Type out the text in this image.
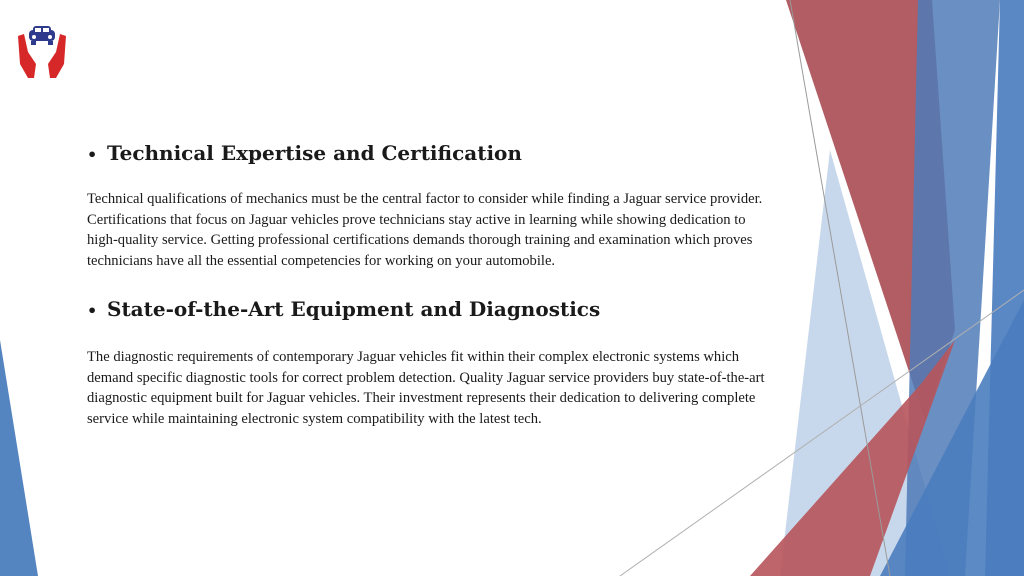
• Technical Expertise and Certification

Technical qualifications of mechanics must be the central factor to consider while finding a Jaguar service provider. Certifications that focus on Jaguar vehicles prove technicians stay active in learning while showing dedication to high-quality service. Getting professional certifications demands thorough training and examination which proves technicians have all the essential competencies for working on your automobile.

• State-of-the-Art Equipment and Diagnostics

The diagnostic requirements of contemporary Jaguar vehicles fit within their complex electronic systems which demand specific diagnostic tools for correct problem detection. Quality Jaguar service providers buy state-of-the-art diagnostic equipment built for Jaguar vehicles. Their investment represents their dedication to delivering complete service while maintaining electronic system compatibility with the latest tech.
